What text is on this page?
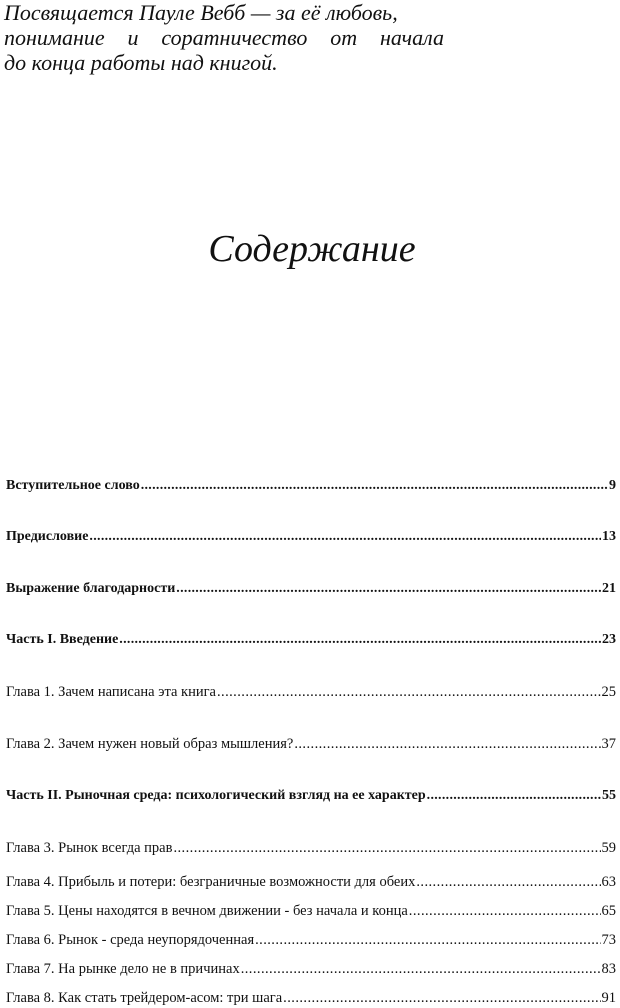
Посвящается Пауле Вебб — за её любовь,
понимание и соратничество от начала
до конца работы над книгой.
Содержание
Вступительное слово . . .	9
Предисловие . . .	13
Выражение благодарности . . .	21
Часть I. Введение . . .	23
Глава 1. Зачем написана эта книга . . .	25
Глава 2. Зачем нужен новый образ мышления? . . .	37
Часть II. Рыночная среда: психологический взгляд на ее характер . . .	55
Глава 3. Рынок всегда прав . . .	59
Глава 4. Прибыль и потери: безграничные возможности для обеих . . .	63
Глава 5. Цены находятся в вечном движении - без начала и конца . . .	65
Глава 6. Рынок - среда неупорядоченная . . .	73
Глава 7. На рынке дело не в причинах . . .	83
Глава 8. Как стать трейдером-асом: три шага . . .	91
